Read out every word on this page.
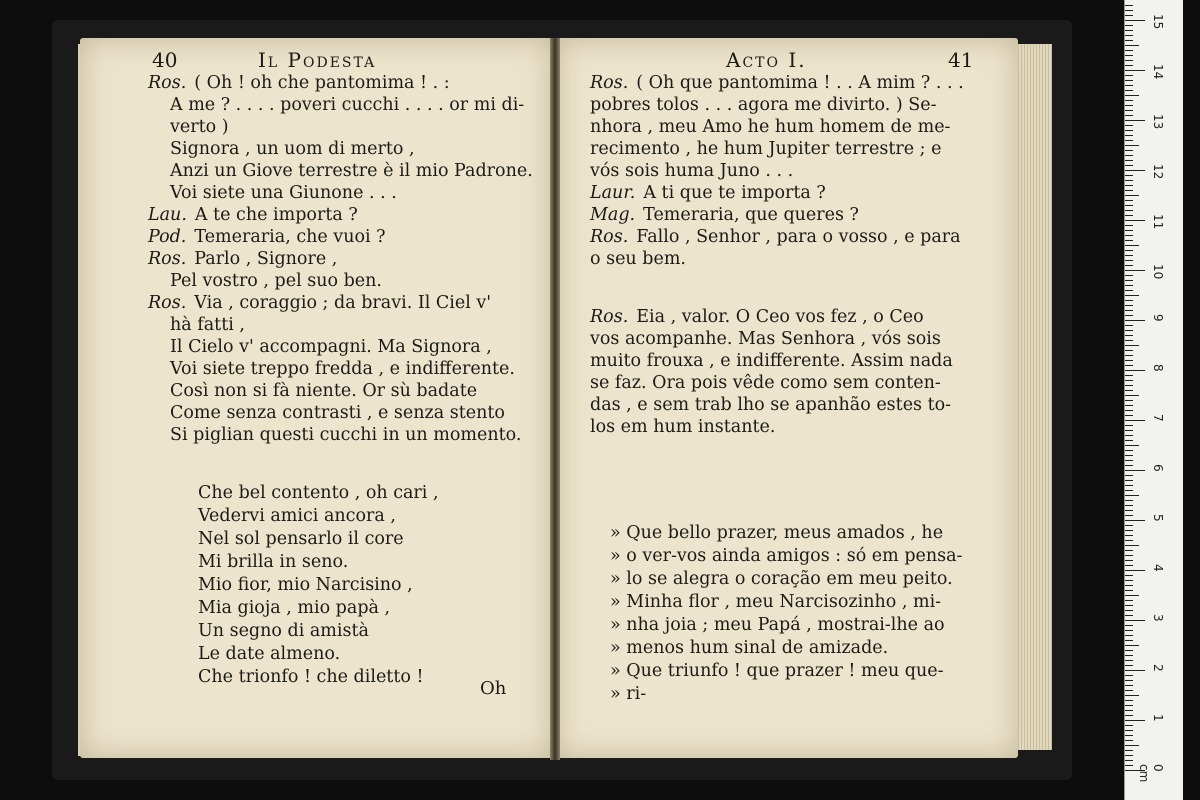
40	Il Podesta
Ros. ( Oh ! oh che pantomima ! . :
A me ? . . . . poveri cucchi . . . . or mi di-
verto )
Signora , un uom di merto ,
Anzi un Giove terrestre è il mio Padrone.
Voi siete una Giunone . . .
Lau. A te che importa ?
Pod. Temeraria, che vuoi ?
Ros. Parlo , Signore ,
Pel vostro , pel suo ben.
Ros. Via , coraggio ; da bravi. Il Ciel v'
hà fatti ,
Il Cielo v' accompagni. Ma Signora ,
Voi siete treppo fredda , e indifferente.
Così non si fà niente. Or sù badate
Come senza contrasti , e senza stento
Si piglian questi cucchi in un momento.
Che bel contento , oh cari ,
Vedervi amici ancora ,
Nel sol pensarlo il core
Mi brilla in seno.
Mio fior, mio Narcisino ,
Mia gioja , mio papà ,
Un segno di amistà
Le date almeno.
Che trionfo ! che diletto !
Oh
Acto I.	41
Ros. ( Oh que pantomima ! . . A mim ? . . .
pobres tolos . . . agora me divirto. ) Se-
nhora , meu Amo he hum homem de me-
recimento , he hum Jupiter terrestre ; e
vós sois huma Juno . . .
Laur. A ti que te importa ?
Mag. Temeraria, que queres ?
Ros. Fallo , Senhor , para o vosso , e para
o seu bem.
Ros. Eia , valor. O Ceo vos fez , o Ceo
vos acompanhe. Mas Senhora , vós sois
muito frouxa , e indifferente. Assim nada
se faz. Ora pois vêde como sem conten-
das , e sem trab lho se apanhão estes to-
los em hum instante.
» Que bello prazer, meus amados , he
» o ver-vos ainda amigos : só em pensa-
» lo se alegra o coração em meu peito.
» Minha flor , meu Narcisozinho , mi-
» nha joia ; meu Papá , mostrai-lhe ao
» menos hum sinal de amizade.
» Que triunfo ! que prazer ! meu que-
» ri-
0 cm
1
2
3
4
5
6
7
8
9
10
11
12
13
14
15
